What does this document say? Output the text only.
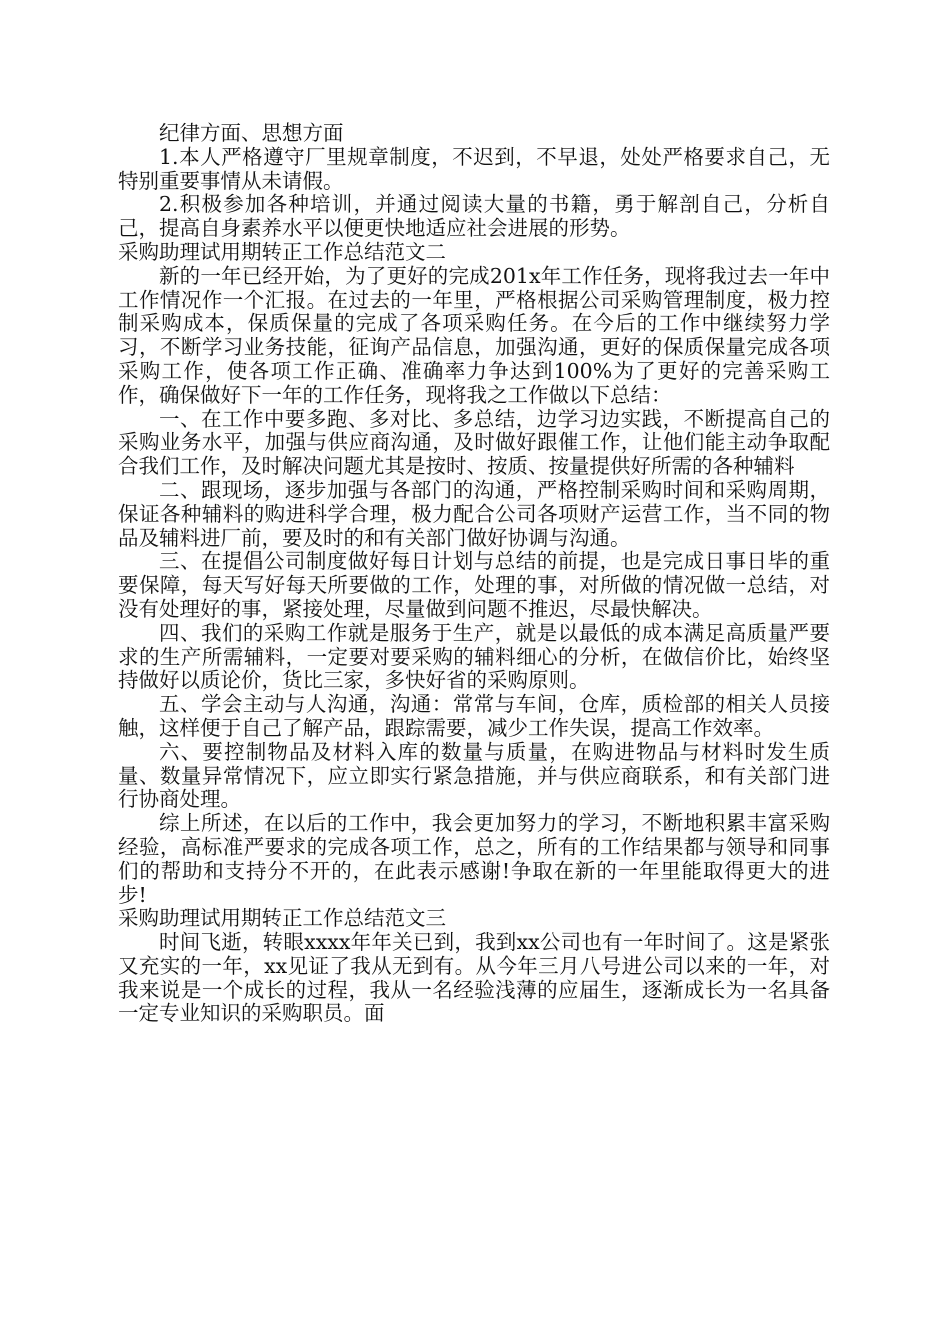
纪律方面、思想方面

1.本人严格遵守厂里规章制度，不迟到，不早退，处处严格要求自己，无特别重要事情从未请假。

2.积极参加各种培训，并通过阅读大量的书籍，勇于解剖自己，分析自己，提高自身素养水平以便更快地适应社会进展的形势。

采购助理试用期转正工作总结范文二

新的一年已经开始，为了更好的完成201x年工作任务，现将我过去一年中工作情况作一个汇报。在过去的一年里，严格根据公司采购管理制度，极力控制采购成本，保质保量的完成了各项采购任务。在今后的工作中继续努力学习，不断学习业务技能，征询产品信息，加强沟通，更好的保质保量完成各项采购工作，使各项工作正确、准确率力争达到100%为了更好的完善采购工作，确保做好下一年的工作任务，现将我之工作做以下总结：

一、在工作中要多跑、多对比、多总结，边学习边实践，不断提高自己的采购业务水平，加强与供应商沟通，及时做好跟催工作，让他们能主动争取配合我们工作，及时解决问题尤其是按时、按质、按量提供好所需的各种辅料

二、跟现场，逐步加强与各部门的沟通，严格控制采购时间和采购周期，保证各种辅料的购进科学合理，极力配合公司各项财产运营工作，当不同的物品及辅料进厂前，要及时的和有关部门做好协调与沟通。

三、在提倡公司制度做好每日计划与总结的前提，也是完成日事日毕的重要保障，每天写好每天所要做的工作，处理的事，对所做的情况做一总结，对没有处理好的事，紧接处理，尽量做到问题不推迟，尽最快解决。

四、我们的采购工作就是服务于生产，就是以最低的成本满足高质量严要求的生产所需辅料，一定要对要采购的辅料细心的分析，在做信价比，始终坚持做好以质论价，货比三家，多快好省的采购原则。

五、学会主动与人沟通，沟通：常常与车间，仓库，质检部的相关人员接触，这样便于自己了解产品，跟踪需要，减少工作失误，提高工作效率。

六、要控制物品及材料入库的数量与质量，在购进物品与材料时发生质量、数量异常情况下，应立即实行紧急措施，并与供应商联系，和有关部门进行协商处理。

综上所述，在以后的工作中，我会更加努力的学习，不断地积累丰富采购经验，高标准严要求的完成各项工作，总之，所有的工作结果都与领导和同事们的帮助和支持分不开的，在此表示感谢!争取在新的一年里能取得更大的进步!

采购助理试用期转正工作总结范文三

时间飞逝，转眼xxxx年年关已到，我到xx公司也有一年时间了。这是紧张又充实的一年，xx见证了我从无到有。从今年三月八号进公司以来的一年，对我来说是一个成长的过程，我从一名经验浅薄的应届生，逐渐成长为一名具备一定专业知识的采购职员。面
